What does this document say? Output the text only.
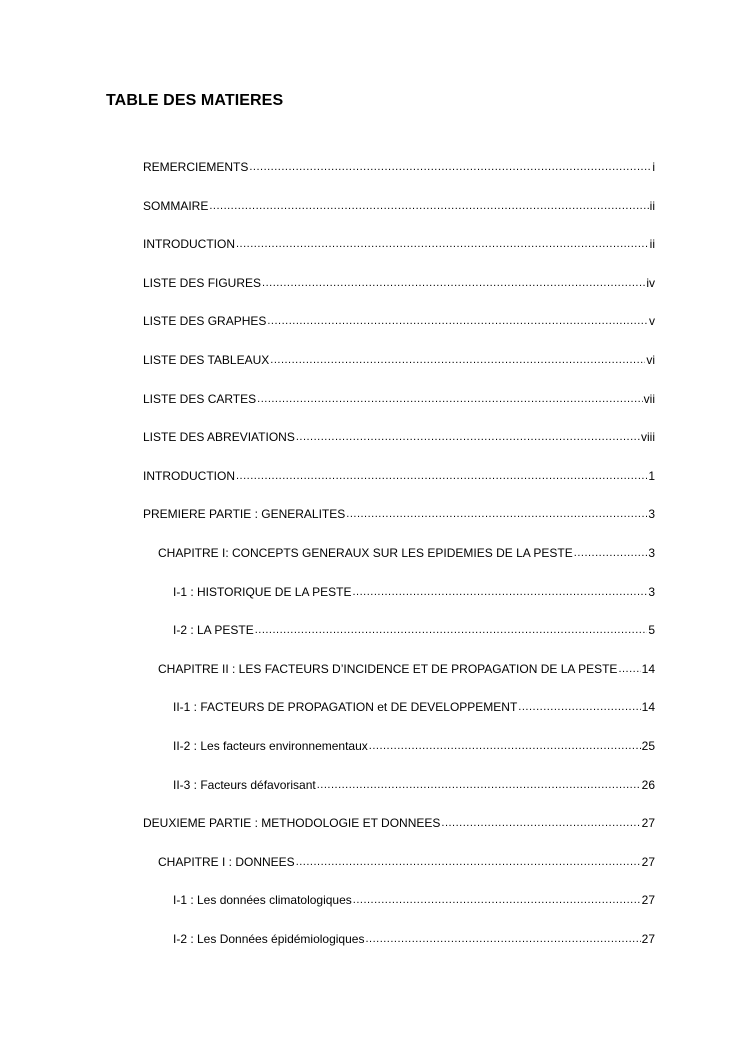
TABLE DES MATIERES
REMERCIEMENTS .....	i
SOMMAIRE .....	ii
INTRODUCTION .....	ii
LISTE DES FIGURES .....	iv
LISTE DES GRAPHES .....	v
LISTE DES TABLEAUX .....	vi
LISTE DES CARTES .....	vii
LISTE DES ABREVIATIONS .....	viii
INTRODUCTION .....	1
PREMIERE PARTIE : GENERALITES .....	3
CHAPITRE I: CONCEPTS GENERAUX SUR LES EPIDEMIES DE LA PESTE .....	3
I-1 : HISTORIQUE DE LA PESTE .....	3
I-2 : LA PESTE .....	5
CHAPITRE II : LES FACTEURS D’INCIDENCE ET DE PROPAGATION DE LA PESTE ..... 14
II-1 : FACTEURS DE PROPAGATION et DE DEVELOPPEMENT .....	14
II-2 : Les facteurs environnementaux .....	25
II-3 : Facteurs défavorisant .....	26
DEUXIEME PARTIE : METHODOLOGIE ET DONNEES .....	27
CHAPITRE I : DONNEES .....	27
I-1 : Les données climatologiques .....	27
I-2 : Les Données épidémiologiques .....	27
